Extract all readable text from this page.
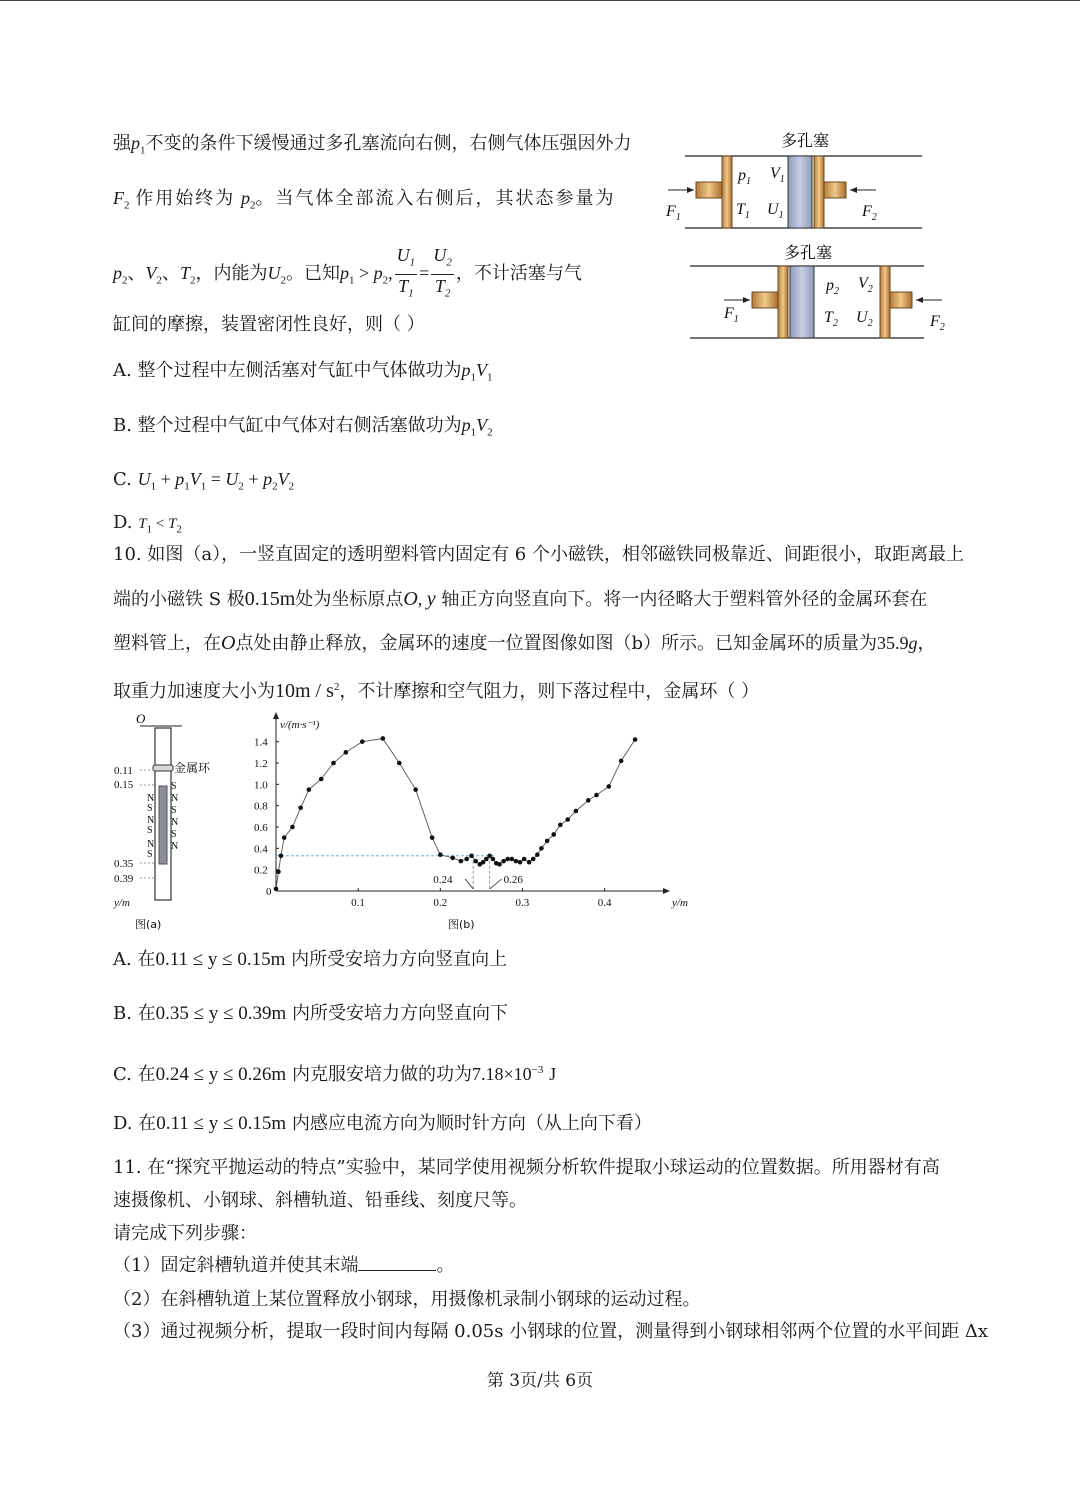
强$p_1$不变的条件下缓慢通过多孔塞流向右侧，右侧气体压强因外力
$F_2$ 作用始终为 $p_2$。当气体全部流入右侧后，其状态参量为
$p_2$、$V_2$、$T_2$，内能为$U_2$。已知$p_1 > p_2$, $\frac{U_1}{T_1} = \frac{U_2}{T_2}$ ，不计活塞与气
缸间的摩擦，装置密闭性良好，则（ ）
A. 整个过程中左侧活塞对气缸中气体做功为$p_1V_1$
B. 整个过程中气缸中气体对右侧活塞做功为$p_1V_2$
C. $U_1 + p_1V_1 = U_2 + p_2V_2$
D. $T_1 < T_2$
多孔塞
$p_1$ $V_1$
$T_1$ $U_1$
$F_1$	$F_2$
多孔塞
$p_2$ $V_2$
$T_2$ $U_2$
$F_1$	$F_2$
10. 如图（a），一竖直固定的透明塑料管内固定有 6 个小磁铁，相邻磁铁同极靠近、间距很小，取距离最上
端的小磁铁 S 极0.15m处为坐标原点O, y 轴正方向竖直向下。将一内径略大于塑料管外径的金属环套在
塑料管上，在O点处由静止释放，金属环的速度一位置图像如图（b）所示。已知金属环的质量为35.9g，
取重力加速度大小为$10m / s^2$，不计摩擦和空气阻力，则下落过程中，金属环（ ）
O
0.11
0.15
0.35
0.39
y/m
图(a)
金属环
N
S
N
S
N
S
S
N
S
N
S
N
v/(m·s⁻¹)
y/m
0
图(b)
0.1	0.2	0.3	0.4
0.2
0.4
0.6
0.8
1.0
1.2
1.4
0.24	0.26
A. 在0.11 ≤ y ≤ 0.15m 内所受安培力方向竖直向上
B. 在0.35 ≤ y ≤ 0.39m 内所受安培力方向竖直向下
C. 在0.24 ≤ y ≤ 0.26m 内克服安培力做的功为$7.18\times 10^{-3}$ J
D. 在0.11 ≤ y ≤ 0.15m 内感应电流方向为顺时针方向（从上向下看）
11. 在“探究平抛运动的特点”实验中，某同学使用视频分析软件提取小球运动的位置数据。所用器材有高
速摄像机、小钢球、斜槽轨道、铅垂线、刻度尺等。
请完成下列步骤：
（1）固定斜槽轨道并使其末端	。
（2）在斜槽轨道上某位置释放小钢球，用摄像机录制小钢球的运动过程。
（3）通过视频分析，提取一段时间内每隔 0.05s 小钢球的位置，测量得到小钢球相邻两个位置的水平间距 Δx
第 3页/共 6页
